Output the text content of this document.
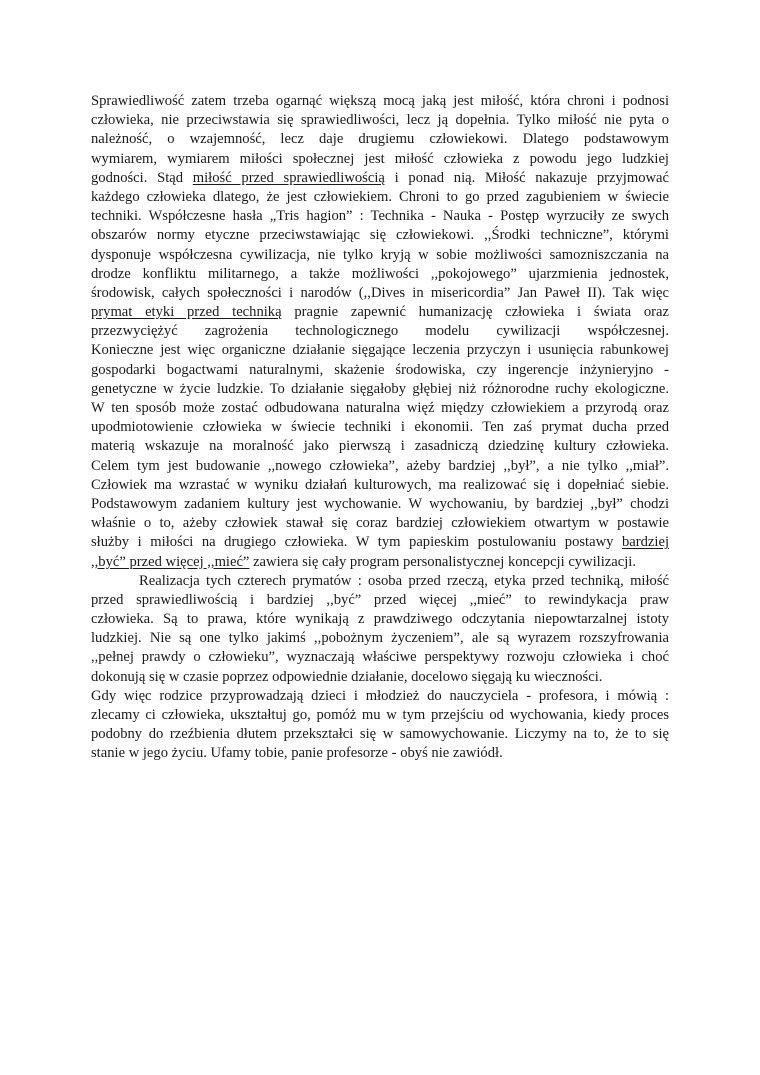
Sprawiedliwość zatem trzeba ogarnąć większą mocą jaką jest miłość, która chroni i podnosi
człowieka, nie przeciwstawia się sprawiedliwości, lecz ją dopełnia. Tylko miłość nie pyta o
należność, o wzajemność, lecz daje drugiemu człowiekowi. Dlatego podstawowym
wymiarem, wymiarem miłości społecznej jest miłość człowieka z powodu jego ludzkiej
godności. Stąd miłość przed sprawiedliwością i ponad nią. Miłość nakazuje przyjmować
każdego człowieka dlatego, że jest człowiekiem. Chroni to go przed zagubieniem w świecie
techniki. Współczesne hasła „Tris hagion” : Technika - Nauka - Postęp wyrzuciły ze swych
obszarów normy etyczne przeciwstawiając się człowiekowi. ,,Środki techniczne”, którymi
dysponuje współczesna cywilizacja, nie tylko kryją w sobie możliwości samozniszczania na
drodze konfliktu militarnego, a także możliwości ,,pokojowego” ujarzmienia jednostek,
środowisk, całych społeczności i narodów (,,Dives in misericordia” Jan Paweł II). Tak więc
prymat etyki przed techniką pragnie zapewnić humanizację człowieka i świata oraz
przezwyciężyć zagrożenia technologicznego modelu cywilizacji współczesnej.
Konieczne jest więc organiczne działanie sięgające leczenia przyczyn i usunięcia rabunkowej
gospodarki bogactwami naturalnymi, skażenie środowiska, czy ingerencje inżynieryjno -
genetyczne w życie ludzkie. To działanie sięgałoby głębiej niż różnorodne ruchy ekologiczne.
W ten sposób może zostać odbudowana naturalna więź między człowiekiem a przyrodą oraz
upodmiotowienie człowieka w świecie techniki i ekonomii. Ten zaś prymat ducha przed
materią wskazuje na moralność jako pierwszą i zasadniczą dziedzinę kultury człowieka.
Celem tym jest budowanie ,,nowego człowieka”, ażeby bardziej ,,był”, a nie tylko ,,miał”.
Człowiek ma wzrastać w wyniku działań kulturowych, ma realizować się i dopełniać siebie.
Podstawowym zadaniem kultury jest wychowanie. W wychowaniu, by bardziej ,,był” chodzi
właśnie o to, ażeby człowiek stawał się coraz bardziej człowiekiem otwartym w postawie
służby i miłości na drugiego człowieka. W tym papieskim postulowaniu postawy bardziej
,,być” przed więcej ,,mieć” zawiera się cały program personalistycznej koncepcji cywilizacji.
Realizacja tych czterech prymatów : osoba przed rzeczą, etyka przed techniką, miłość
przed sprawiedliwością i bardziej ,,być” przed więcej ,,mieć” to rewindykacja praw
człowieka. Są to prawa, które wynikają z prawdziwego odczytania niepowtarzalnej istoty
ludzkiej. Nie są one tylko jakimś ,,pobożnym życzeniem”, ale są wyrazem rozszyfrowania
,,pełnej prawdy o człowieku”, wyznaczają właściwe perspektywy rozwoju człowieka i choć
dokonują się w czasie poprzez odpowiednie działanie, docelowo sięgają ku wieczności.
Gdy więc rodzice przyprowadzają dzieci i młodzież do nauczyciela - profesora, i mówią :
zlecamy ci człowieka, ukształtuj go, pomóż mu w tym przejściu od wychowania, kiedy proces
podobny do rzeźbienia dłutem przekształci się w samowychowanie. Liczymy na to, że to się
stanie w jego życiu. Ufamy tobie, panie profesorze - obyś nie zawiódł.
